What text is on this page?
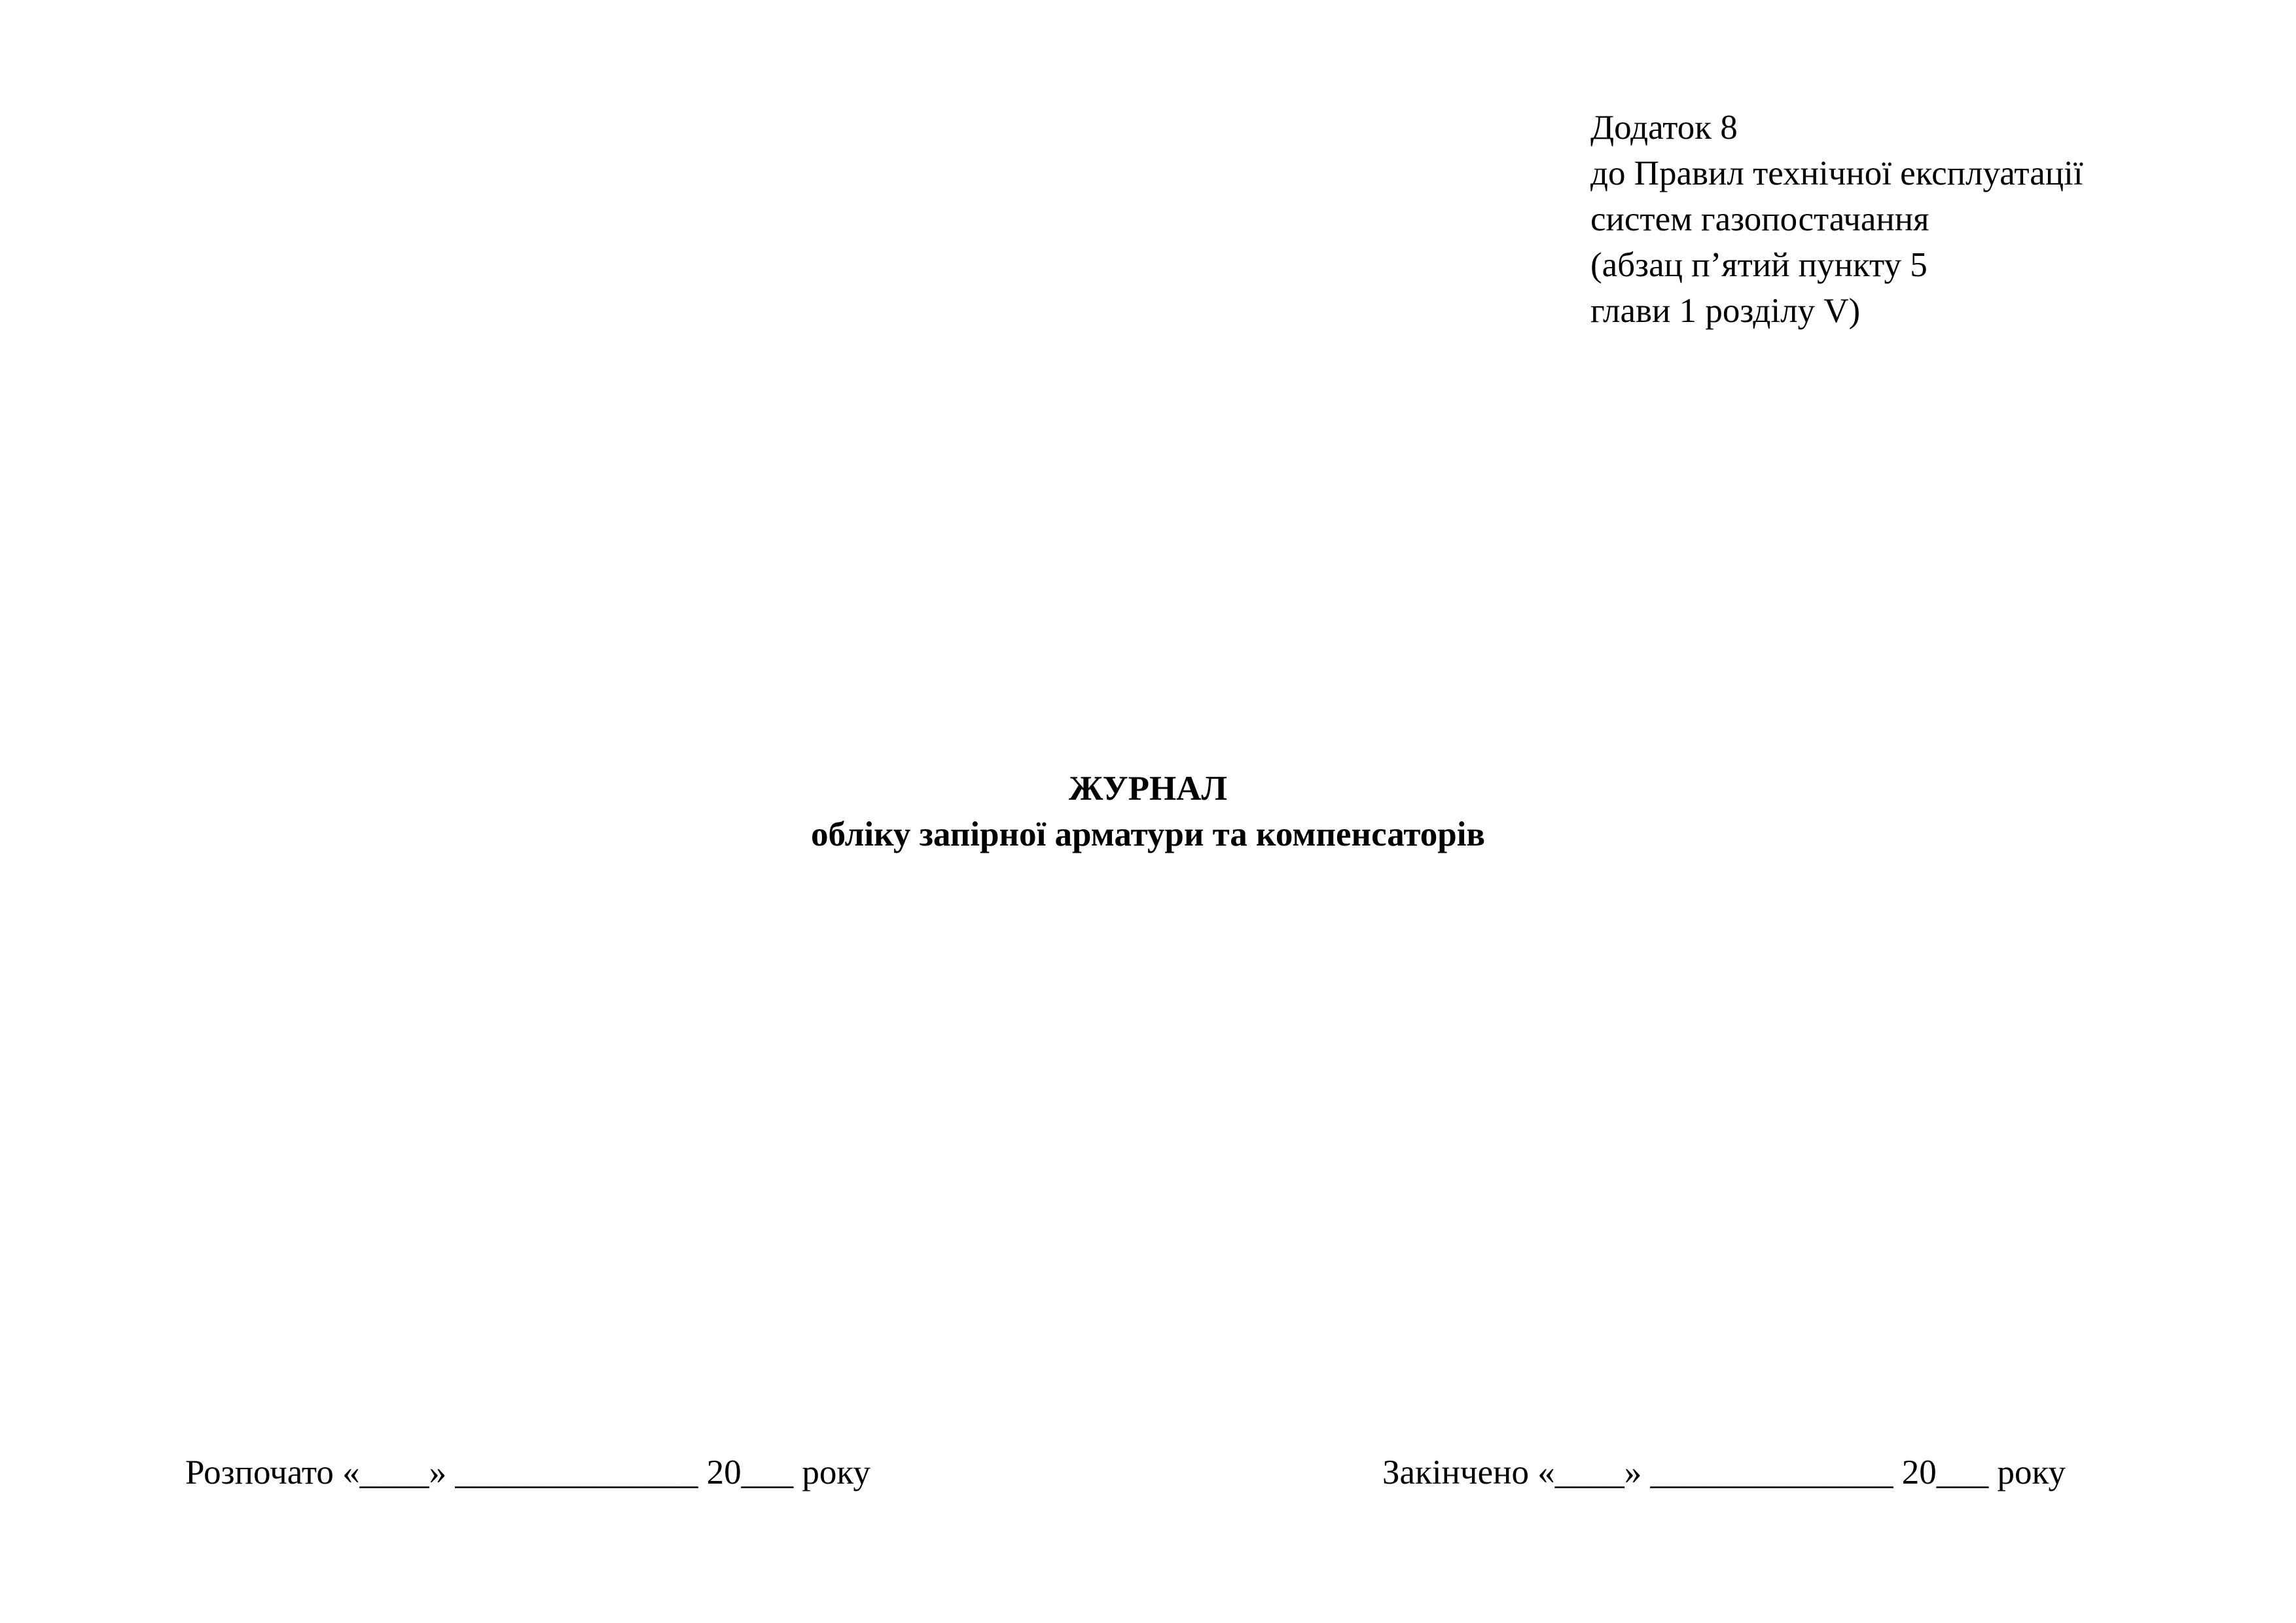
Додаток 8
до Правил технічної експлуатації
систем газопостачання
(абзац п’ятий пункту 5
глави 1 розділу V)
ЖУРНАЛ
обліку запірної арматури та компенсаторів
Розпочато «____» ______________ 20___ року	Закінчено «____» ______________ 20___ року
